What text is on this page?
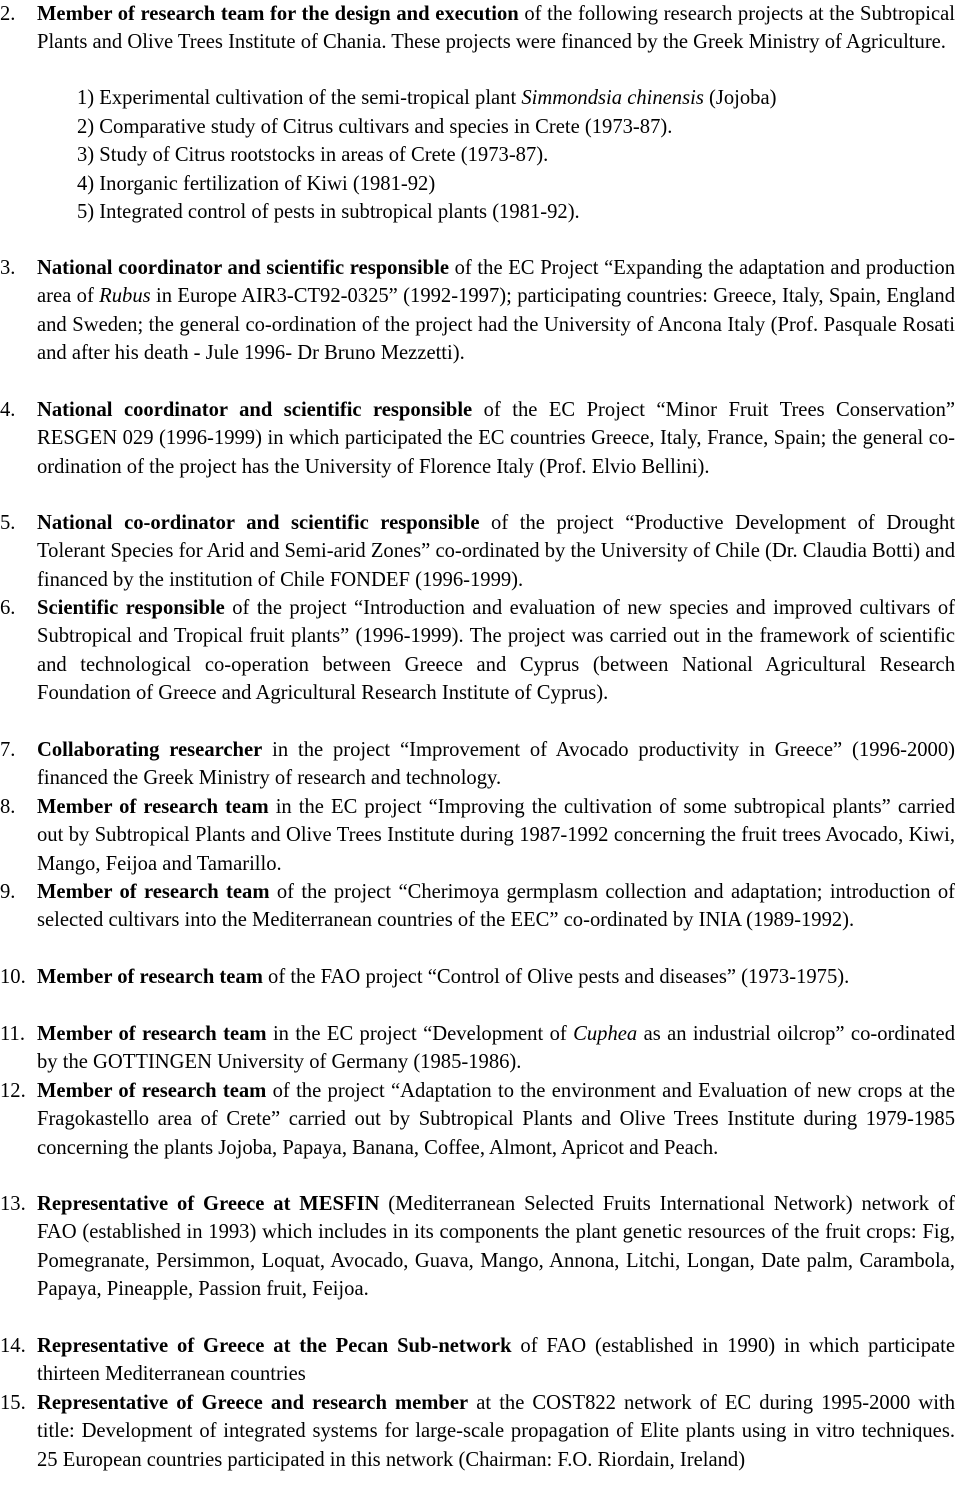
2. Member of research team for the design and execution of the following research projects at the Subtropical Plants and Olive Trees Institute of Chania. These projects were financed by the Greek Ministry of Agriculture.
1) Experimental cultivation of the semi-tropical plant Simmondsia chinensis (Jojoba)
2) Comparative study of Citrus cultivars and species in Crete (1973-87).
3) Study of Citrus rootstocks in areas of Crete (1973-87).
4) Inorganic fertilization of Kiwi (1981-92)
5) Integrated control of pests in subtropical plants (1981-92).
3. National coordinator and scientific responsible of the EC Project “Expanding the adaptation and production area of Rubus in Europe AIR3-CT92-0325” (1992-1997); participating countries: Greece, Italy, Spain, England and Sweden; the general co-ordination of the project had the University of Ancona Italy (Prof. Pasquale Rosati and after his death - Jule 1996- Dr Bruno Mezzetti).
4. National coordinator and scientific responsible of the EC Project “Minor Fruit Trees Conservation” RESGEN 029 (1996-1999) in which participated the EC countries Greece, Italy, France, Spain; the general co-ordination of the project has the University of Florence Italy (Prof. Elvio Bellini).
5. National co-ordinator and scientific responsible of the project “Productive Development of Drought Tolerant Species for Arid and Semi-arid Zones” co-ordinated by the University of Chile (Dr. Claudia Botti) and financed by the institution of Chile FONDEF (1996-1999).
6. Scientific responsible of the project “Introduction and evaluation of new species and improved cultivars of Subtropical and Tropical fruit plants” (1996-1999). The project was carried out in the framework of scientific and technological co-operation between Greece and Cyprus (between National Agricultural Research Foundation of Greece and Agricultural Research Institute of Cyprus).
7. Collaborating researcher in the project “Improvement of Avocado productivity in Greece” (1996-2000) financed the Greek Ministry of research and technology.
8. Member of research team in the EC project “Improving the cultivation of some subtropical plants” carried out by Subtropical Plants and Olive Trees Institute during 1987-1992 concerning the fruit trees Avocado, Kiwi, Mango, Feijoa and Tamarillo.
9. Member of research team of the project “Cherimoya germplasm collection and adaptation; introduction of selected cultivars into the Mediterranean countries of the EEC” co-ordinated by INIA (1989-1992).
10. Member of research team of the FAO project “Control of Olive pests and diseases” (1973-1975).
11. Member of research team in the EC project “Development of Cuphea as an industrial oilcrop” co-ordinated by the GOTTINGEN University of Germany (1985-1986).
12. Member of research team of the project “Adaptation to the environment and Evaluation of new crops at the Fragokastello area of Crete” carried out by Subtropical Plants and Olive Trees Institute during 1979-1985 concerning the plants Jojoba, Papaya, Banana, Coffee, Almont, Apricot and Peach.
13. Representative of Greece at MESFIN (Mediterranean Selected Fruits International Network) network of FAO (established in 1993) which includes in its components the plant genetic resources of the fruit crops: Fig, Pomegranate, Persimmon, Loquat, Avocado, Guava, Mango, Annona, Litchi, Longan, Date palm, Carambola, Papaya, Pineapple, Passion fruit, Feijoa.
14. Representative of Greece at the Pecan Sub-network of FAO (established in 1990) in which participate thirteen Mediterranean countries
15. Representative of Greece and research member at the COST822 network of EC during 1995-2000 with title: Development of integrated systems for large-scale propagation of Elite plants using in vitro techniques. 25 European countries participated in this network (Chairman: F.O. Riordain, Ireland)
